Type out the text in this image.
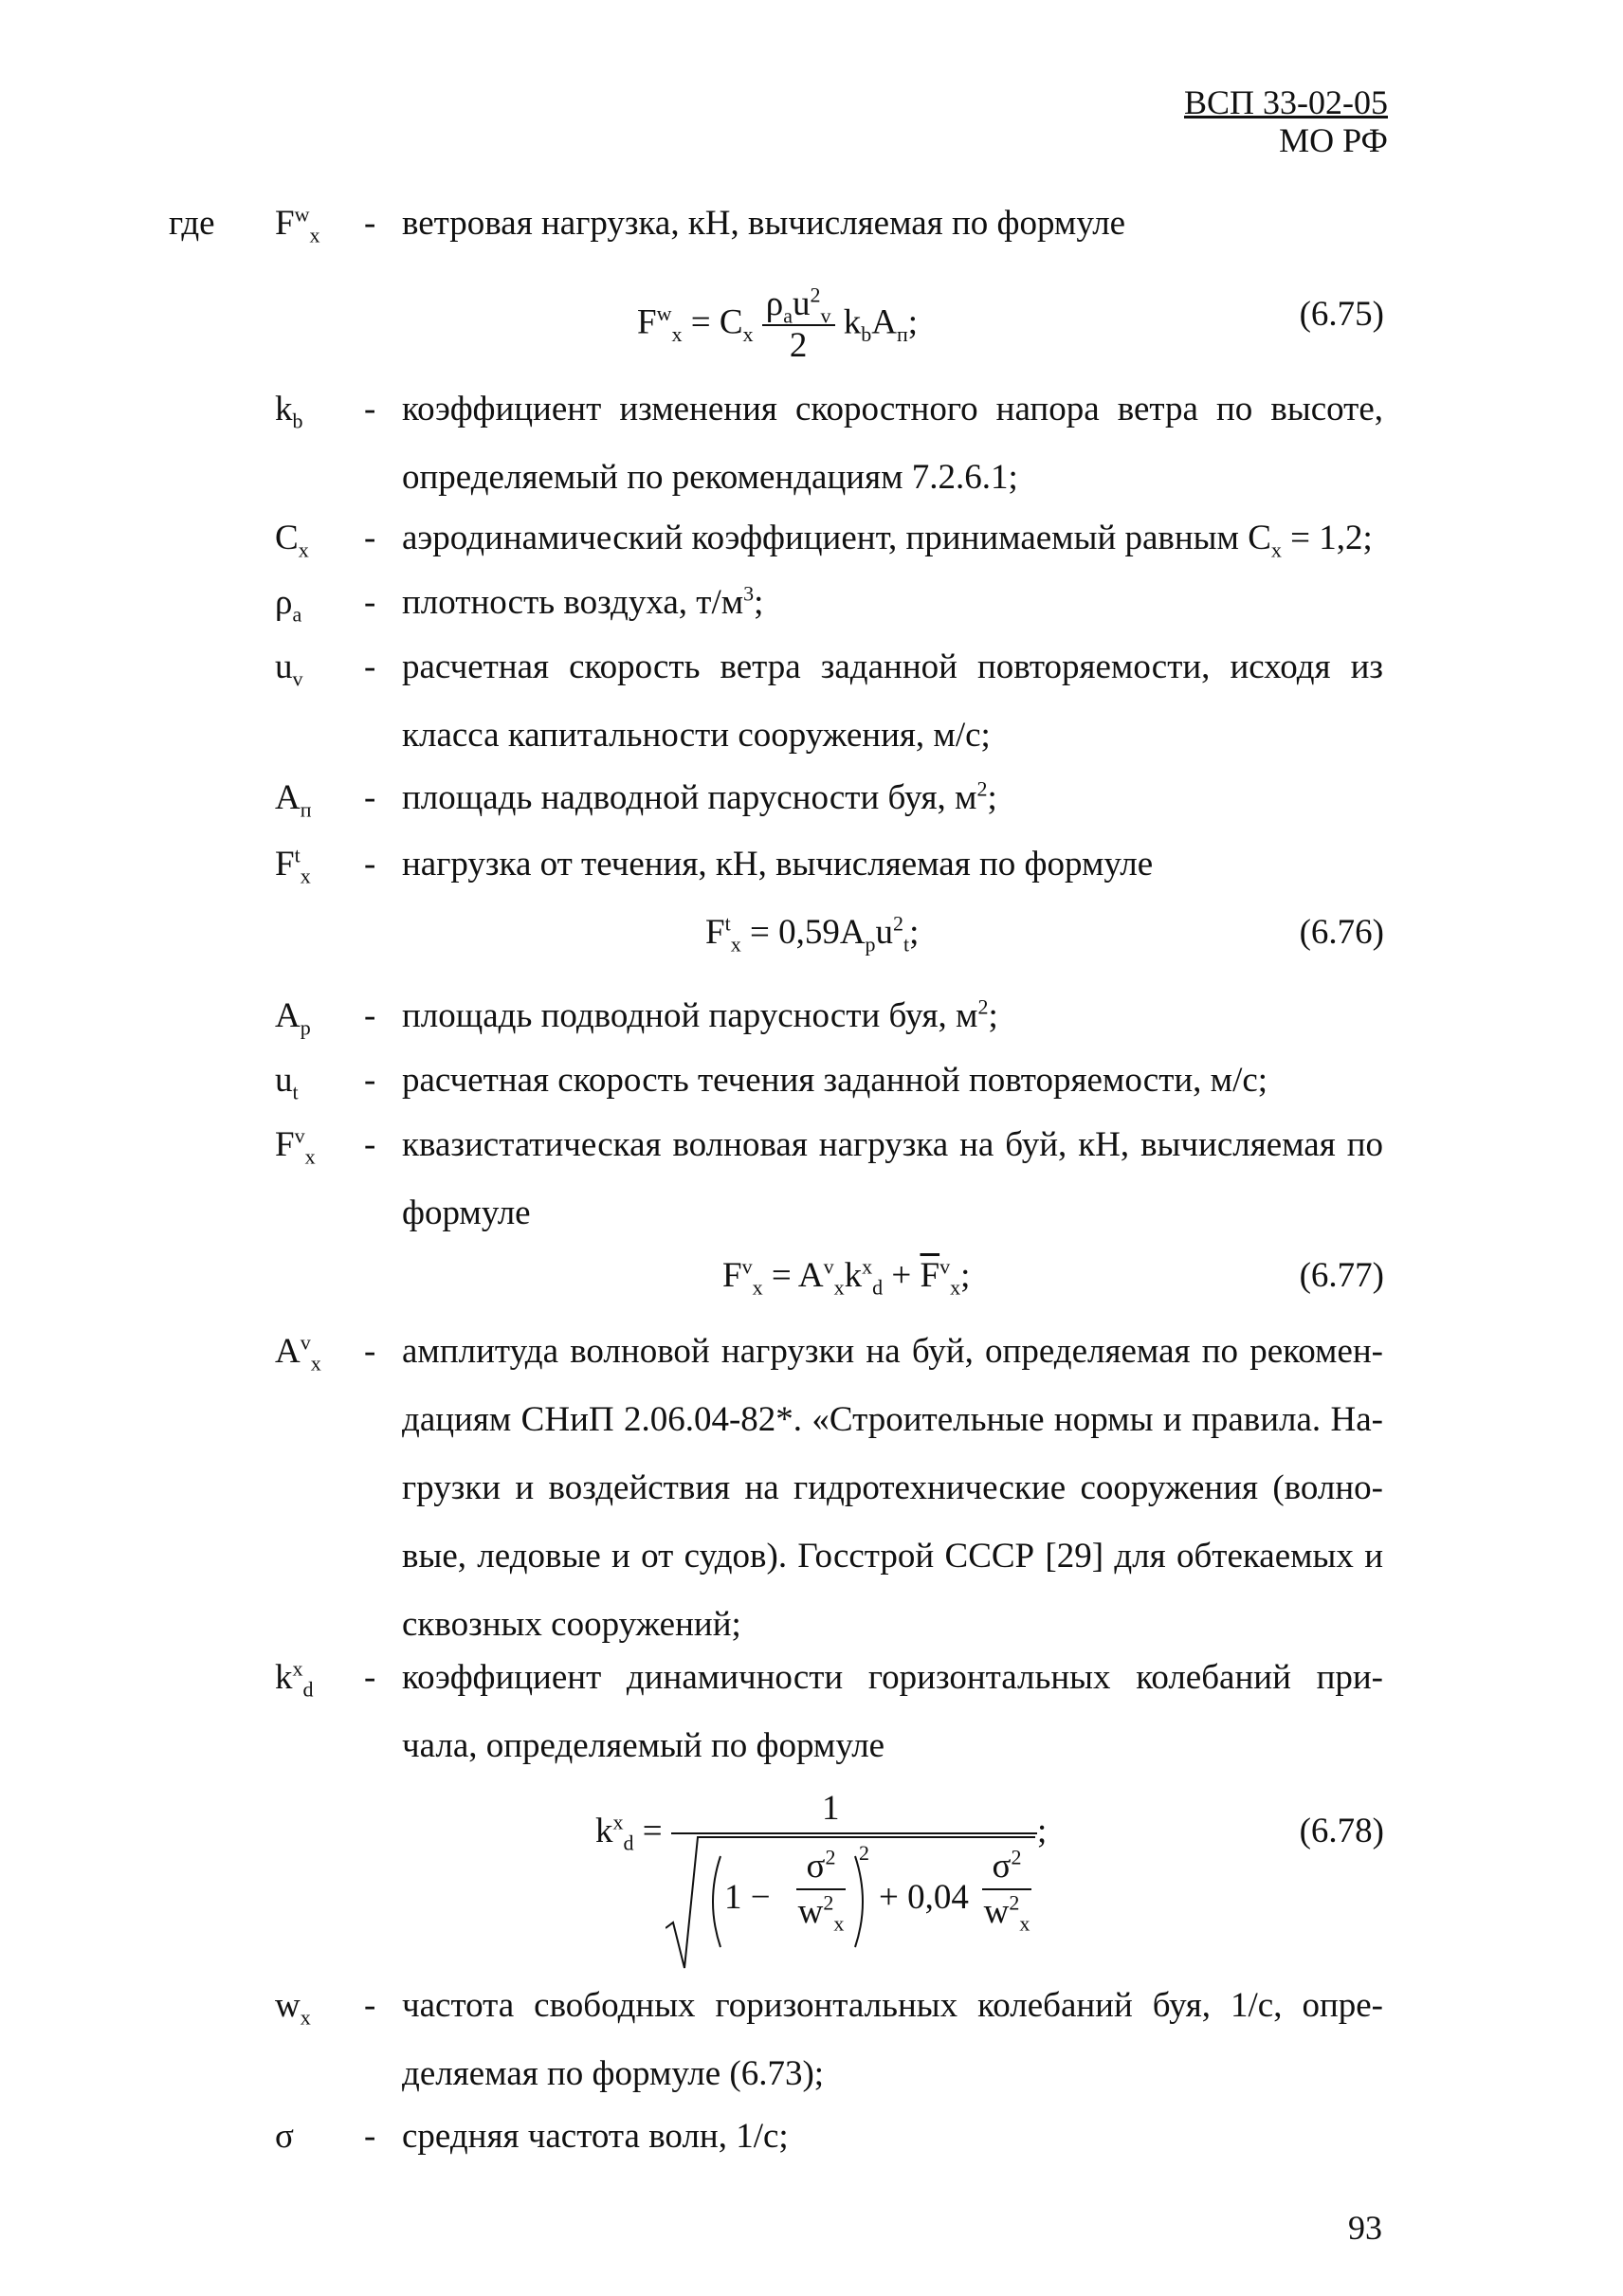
ВСП 33-02-05
МО РФ
где $F^w_x$ - ветровая нагрузка, кН, вычисляемая по формуле
$F^w_x = C_x \frac{\rho_au^2_v}{2} k_bA_п$;	(6.75)
$k_b$ - коэффициент изменения скоростного напора ветра по высоте,
определяемый по рекомендациям 7.2.6.1;
$C_x$ - аэродинамический коэффициент, принимаемый равным $C_x = 1,2$;
$\rho_a$ - плотность воздуха, $т/м^3$;
$u_v$ - расчетная скорость ветра заданной повторяемости, исходя из
класса капитальности сооружения, м/с;
$A_п$ - площадь надводной парусности буя, $м^2$;
$F^t_x$ - нагрузка от течения, кН, вычисляемая по формуле
$F^t_x = 0,59A_pu^2_t$;	(6.76)
$A_p$ - площадь подводной парусности буя, $м^2$;
$u_t$ - расчетная скорость течения заданной повторяемости, м/с;
$F^v_x$ - квазистатическая волновая нагрузка на буй, кН, вычисляемая по
формуле
$F^v_x = A^v_xk^x_d + \overline{F}^v_x$;	(6.77)
$A^v_x$ - амплитуда волновой нагрузки на буй, определяемая по рекомен-
дациям СНиП 2.06.04-82*. «Строительные нормы и правила. На-
грузки и воздействия на гидротехнические сооружения (волно-
вые, ледовые и от судов). Госстрой СССР [29] для обтекаемых и
сквозных сооружений;
$k^x_d$ - коэффициент динамичности горизонтальных колебаний при-
чала, определяемый по формуле
$k^x_d$ =
1
;
1 −
$\sigma^2$
$w^2_x$
2
+ 0,04
$\sigma^2$
$w^2_x$
(6.78)
$w_x$ - частота свободных горизонтальных колебаний буя, 1/с, опре-
деляемая по формуле (6.73);
σ - средняя частота волн, 1/с;
93
